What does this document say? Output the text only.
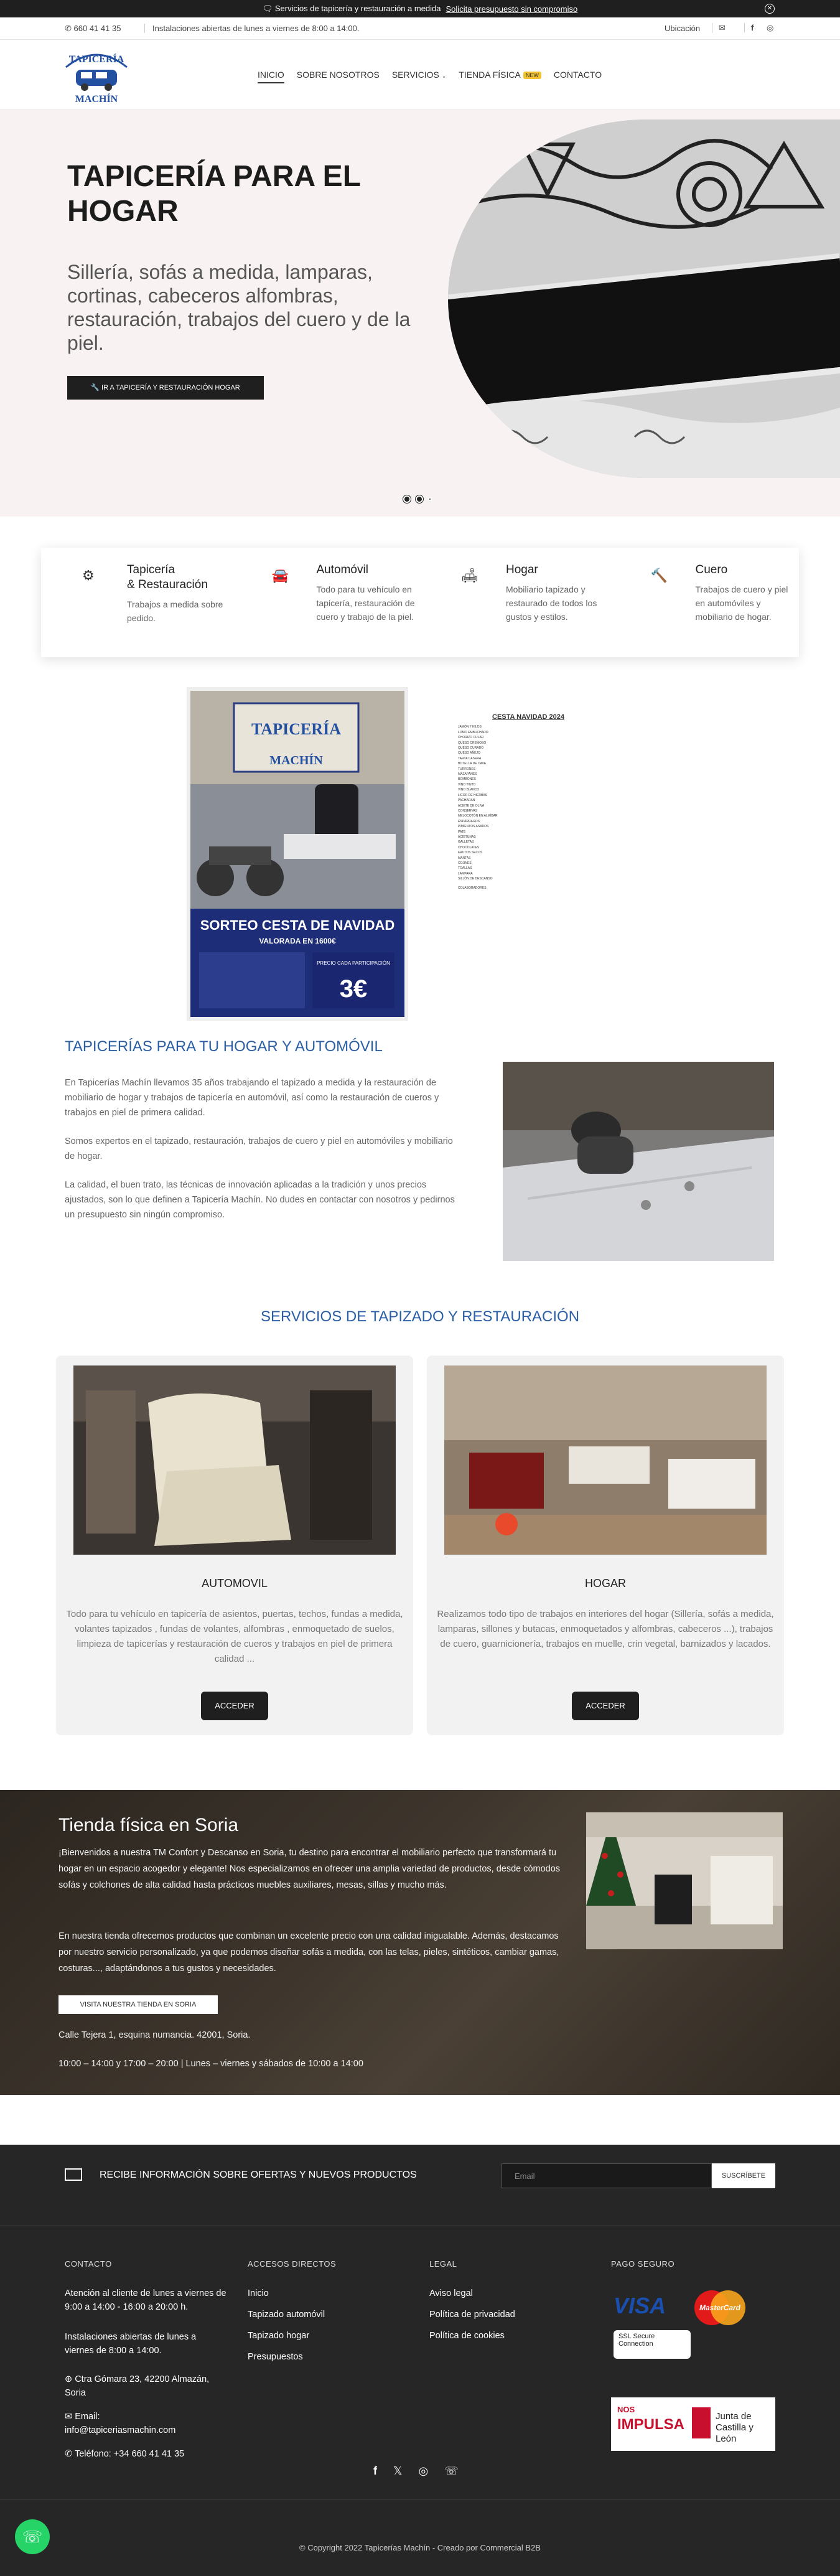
🗨 Servicios de tapicería y restauración a medida Solicita presupuesto sin compromiso	✕
✆ 660 41 41 35	Instalaciones abiertas de lunes a viernes de 8:00 a 14:00.	Ubicación	✉	f	◎
TAPICERÍA
MACHÍN
INICIO SOBRE NOSOTROS SERVICIOS ⌄ TIENDA FÍSICA NEW CONTACTO
TAPICERÍA PARA EL HOGAR
Sillería, sofás a medida, lamparas, cortinas, cabeceros alfombras, restauración, trabajos del cuero y de la piel.
🔧 IR A TAPICERÍA Y RESTAURACIÓN HOGAR
⚙	Tapicería
& Restauración

Trabajos a medida sobre pedido.

🚘 Automóvil

Todo para tu vehículo en tapicería, restauración de cuero y trabajo de la piel.

🛋 Hogar

Mobiliario tapizado y restaurado de todos los gustos y estilos.

🔨 Cuero

Trabajos de cuero y piel en automóviles y mobiliario de hogar.

TAPICERÍA
MACHÍN
SORTEO CESTA DE NAVIDAD
VALORADA EN 1600€
PRECIO CADA PARTICIPACIÓN
3€
CESTA NAVIDAD 2024
JAMÓN 7 KILOS
LOMO EMBUCHADO
CHORIZO CULAR
QUESO CREMOSO
QUESO CURADO
QUESO AÑEJO
TARTA CASERA
BOTELLA DE CAVA
TURRONES
MAZAPANES
BOMBONES
VINO TINTO
VINO BLANCO
LICOR DE HIERBAS
PACHARÁN
ACEITE DE OLIVA
CONSERVAS
MELOCOTÓN EN ALMÍBAR
ESPÁRRAGOS
PIMIENTOS ASADOS
PATÉ
ACEITUNAS
GALLETAS
CHOCOLATES
FRUTOS SECOS
MANTAS
COJINES
TOALLAS
LAMPARA
SILLÓN DE DESCANSO
COLABORADORES
TAPICERÍAS PARA TU HOGAR Y AUTOMÓVIL

En Tapicerías Machín llevamos 35 años trabajando el tapizado a medida y la restauración de mobiliario de hogar y trabajos de tapicería en automóvil, así como la restauración de cueros y trabajos en piel de primera calidad.

Somos expertos en el tapizado, restauración, trabajos de cuero y piel en automóviles y mobiliario de hogar.

La calidad, el buen trato, las técnicas de innovación aplicadas a la tradición y unos precios ajustados, son lo que definen a Tapicería Machín. No dudes en contactar con nosotros y pedirnos un presupuesto sin ningún compromiso.

SERVICIOS DE TAPIZADO Y RESTAURACIÓN
AUTOMOVIL

Todo para tu vehículo en tapicería de asientos, puertas, techos, fundas a medida, volantes tapizados , fundas de volantes, alfombras , enmoquetado de suelos, limpieza de tapicerías y restauración de cueros y trabajos en piel de primera calidad ...

ACCEDER
HOGAR

Realizamos todo tipo de trabajos en interiores del hogar (Sillería, sofás a medida, lamparas, sillones y butacas, enmoquetados y alfombras, cabeceros ...), trabajos de cuero, guarnicionería, trabajos en muelle, crin vegetal, barnizados y lacados.

ACCEDER
Tienda física en Soria

¡Bienvenidos a nuestra TM Confort y Descanso en Soria, tu destino para encontrar el mobiliario perfecto que transformará tu hogar en un espacio acogedor y elegante! Nos especializamos en ofrecer una amplia variedad de productos, desde cómodos sofás y colchones de alta calidad hasta prácticos muebles auxiliares, mesas, sillas y mucho más.

En nuestra tienda ofrecemos productos que combinan un excelente precio con una calidad inigualable. Además, destacamos por nuestro servicio personalizado, ya que podemos diseñar sofás a medida, con las telas, pieles, sintéticos, cambiar gamas, costuras..., adaptándonos a tus gustos y necesidades.

VISITA NUESTRA TIENDA EN SORIA
Calle Tejera 1, esquina numancia. 42001, Soria.
10:00 – 14:00 y 17:00 – 20:00 | Lunes – viernes y sábados de 10:00 a 14:00
RECIBE INFORMACIÓN SOBRE OFERTAS Y NUEVOS PRODUCTOS	Email	SUSCRÍBETE
CONTACTO
Atención al cliente de lunes a viernes de 9:00 a 14:00 - 16:00 a 20:00 h.
Instalaciones abiertas de lunes a viernes de 8:00 a 14:00.
⊕ Ctra Gómara 23, 42200 Almazán, Soria
✉ Email:
info@tapiceriasmachin.com
✆ Teléfono: +34 660 41 41 35
ACCESOS DIRECTOS
Inicio
Tapizado automóvil
Tapizado hogar
Presupuestos
LEGAL
Aviso legal
Política de privacidad
Política de cookies
PAGO SEGURO
VISA	MasterCard
SSL Secure Connection
NOS
IMPULSA	Junta de Castilla y León
f 𝕏 ◎ ☏
© Copyright 2022 Tapicerías Machín - Creado por Commercial B2B
☏
